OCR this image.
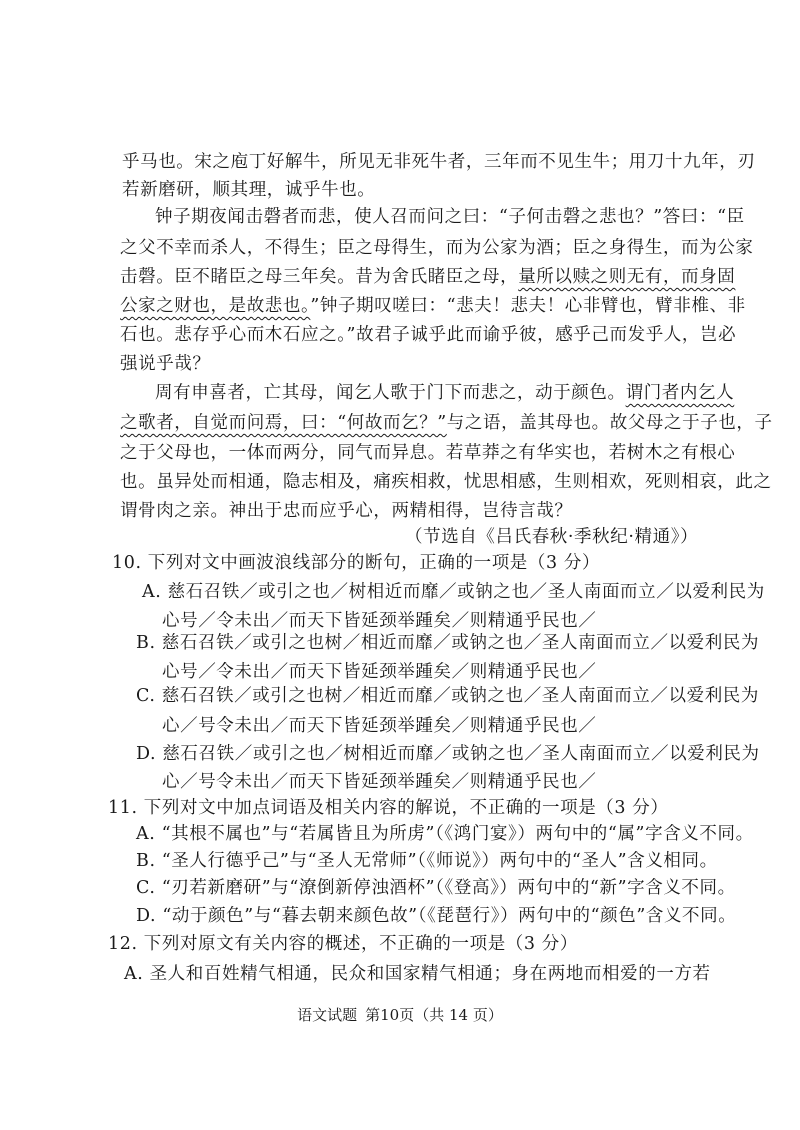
乎马也。宋之庖丁好解牛，所见无非死牛者，三年而不见生牛；用刀十九年，刃
若新磨研，顺其理，诚乎牛也。
钟子期夜闻击磬者而悲，使人召而问之曰：“子何击磬之悲也？”答曰：“臣
之父不幸而杀人，不得生；臣之母得生，而为公家为酒；臣之身得生，而为公家
击磬。臣不睹臣之母三年矣。昔为舍氏睹臣之母，量所以赎之则无有，而身固
公家之财也，是故悲也。”钟子期叹嗟曰：“悲夫！悲夫！心非臂也，臂非椎、非
石也。悲存乎心而木石应之。”故君子诚乎此而谕乎彼，感乎己而发乎人，岂必
强说乎哉？
周有申喜者，亡其母，闻乞人歌于门下而悲之，动于颜色。谓门者内乞人
之歌者，自觉而问焉，曰：“何故而乞？”与之语，盖其母也。故父母之于子也，子
之于父母也，一体而两分，同气而异息。若草莽之有华实也，若树木之有根心
也。虽异处而相通，隐志相及，痛疾相救，忧思相感，生则相欢，死则相哀，此之
谓骨肉之亲。神出于忠而应乎心，两精相得，岂待言哉？
（节选自《吕氏春秋·季秋纪·精通》）
10. 下列对文中画波浪线部分的断句，正确的一项是（3 分）
A. 慈石召铁／或引之也／树相近而靡／或钠之也／圣人南面而立／以爱利民为
心号／令未出／而天下皆延颈举踵矣／则精通乎民也／
B. 慈石召铁／或引之也树／相近而靡／或钠之也／圣人南面而立／以爱利民为
心号／令未出／而天下皆延颈举踵矣／则精通乎民也／
C. 慈石召铁／或引之也树／相近而靡／或钠之也／圣人南面而立／以爱利民为
心／号令未出／而天下皆延颈举踵矣／则精通乎民也／
D. 慈石召铁／或引之也／树相近而靡／或钠之也／圣人南面而立／以爱利民为
心／号令未出／而天下皆延颈举踵矣／则精通乎民也／
11. 下列对文中加点词语及相关内容的解说，不正确的一项是（3 分）
A. “其根不属也”与“若属皆且为所虏”（《鸿门宴》）两句中的“属”字含义不同。
B. “圣人行德乎己”与“圣人无常师”（《师说》）两句中的“圣人”含义相同。
C. “刃若新磨研”与“潦倒新停浊酒杯”（《登高》）两句中的“新”字含义不同。
D. “动于颜色”与“暮去朝来颜色故”（《琵琶行》）两句中的“颜色”含义不同。
12. 下列对原文有关内容的概述，不正确的一项是（3 分）
A. 圣人和百姓精气相通，民众和国家精气相通；身在两地而相爱的一方若
语文试题 第10页（共 14 页）
